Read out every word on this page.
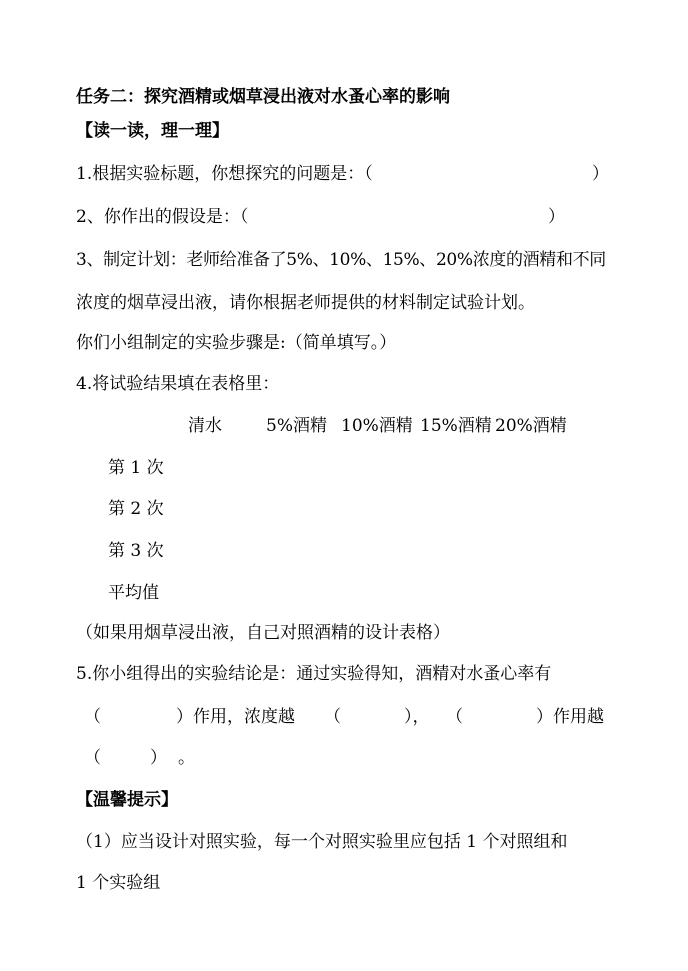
任务二：探究酒精或烟草浸出液对水蚤心率的影响
【读一读，理一理】
1.根据实验标题，你想探究的问题是：（	）
2、你作出的假设是：（	）
3、制定计划：老师给准备了5%、10%、15%、20%浓度的酒精和不同
浓度的烟草浸出液，请你根据老师提供的材料制定试验计划。
你们小组制定的实验步骤是:（简单填写。）
4.将试验结果填在表格里：
清水	5%酒精 10%酒精 15%酒精 20%酒精
第 1 次
第 2 次
第 3 次
平均值
（如果用烟草浸出液，自己对照酒精的设计表格）
5.你小组得出的实验结论是：通过实验得知，酒精对水蚤心率有
（	）作用，浓度越 （	）， （	）作用越
（	） 。
【温馨提示】
（1）应当设计对照实验，每一个对照实验里应包括 1 个对照组和
1 个实验组
